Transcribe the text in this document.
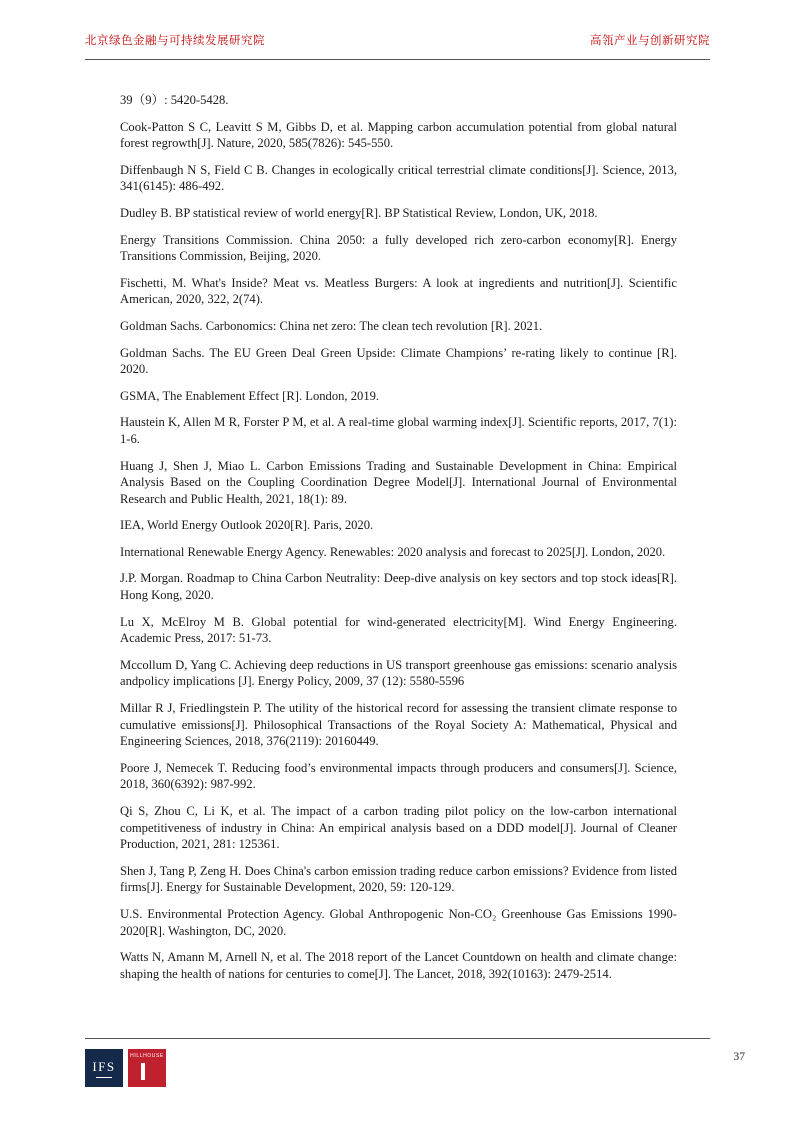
北京绿色金融与可持续发展研究院	高瓴产业与创新研究院

39（9）: 5420-5428.

Cook-Patton S C, Leavitt S M, Gibbs D, et al. Mapping carbon accumulation potential from global natural forest regrowth[J]. Nature, 2020, 585(7826): 545-550.

Diffenbaugh N S, Field C B. Changes in ecologically critical terrestrial climate conditions[J]. Science, 2013, 341(6145): 486-492.

Dudley B. BP statistical review of world energy[R]. BP Statistical Review, London, UK, 2018.

Energy Transitions Commission. China 2050: a fully developed rich zero-carbon economy[R]. Energy Transitions Commission, Beijing, 2020.

Fischetti, M. What's Inside? Meat vs. Meatless Burgers: A look at ingredients and nutrition[J]. Scientific American, 2020, 322, 2(74).

Goldman Sachs. Carbonomics: China net zero: The clean tech revolution [R]. 2021.

Goldman Sachs. The EU Green Deal Green Upside: Climate Champions’ re-rating likely to continue [R]. 2020.

GSMA, The Enablement Effect [R]. London, 2019.

Haustein K, Allen M R, Forster P M, et al. A real-time global warming index[J]. Scientific reports, 2017, 7(1): 1-6.

Huang J, Shen J, Miao L. Carbon Emissions Trading and Sustainable Development in China: Empirical Analysis Based on the Coupling Coordination Degree Model[J]. International Journal of Environmental Research and Public Health, 2021, 18(1): 89.

IEA, World Energy Outlook 2020[R]. Paris, 2020.

International Renewable Energy Agency. Renewables: 2020 analysis and forecast to 2025[J]. London, 2020.

J.P. Morgan. Roadmap to China Carbon Neutrality: Deep-dive analysis on key sectors and top stock ideas[R]. Hong Kong, 2020.

Lu X, McElroy M B. Global potential for wind-generated electricity[M]. Wind Energy Engineering. Academic Press, 2017: 51-73.

Mccollum D, Yang C. Achieving deep reductions in US transport greenhouse gas emissions: scenario analysis andpolicy implications [J]. Energy Policy, 2009, 37 (12): 5580-5596

Millar R J, Friedlingstein P. The utility of the historical record for assessing the transient climate response to cumulative emissions[J]. Philosophical Transactions of the Royal Society A: Mathematical, Physical and Engineering Sciences, 2018, 376(2119): 20160449.

Poore J, Nemecek T. Reducing food’s environmental impacts through producers and consumers[J]. Science, 2018, 360(6392): 987-992.

Qi S, Zhou C, Li K, et al. The impact of a carbon trading pilot policy on the low-carbon international competitiveness of industry in China: An empirical analysis based on a DDD model[J]. Journal of Cleaner Production, 2021, 281: 125361.

Shen J, Tang P, Zeng H. Does China's carbon emission trading reduce carbon emissions? Evidence from listed firms[J]. Energy for Sustainable Development, 2020, 59: 120-129.

U.S. Environmental Protection Agency. Global Anthropogenic Non-CO₂ Greenhouse Gas Emissions 1990-2020[R]. Washington, DC, 2020.

Watts N, Amann M, Arnell N, et al. The 2018 report of the Lancet Countdown on health and climate change: shaping the health of nations for centuries to come[J]. The Lancet, 2018, 392(10163): 2479-2514.

IFS
HILLHOUSE	37
